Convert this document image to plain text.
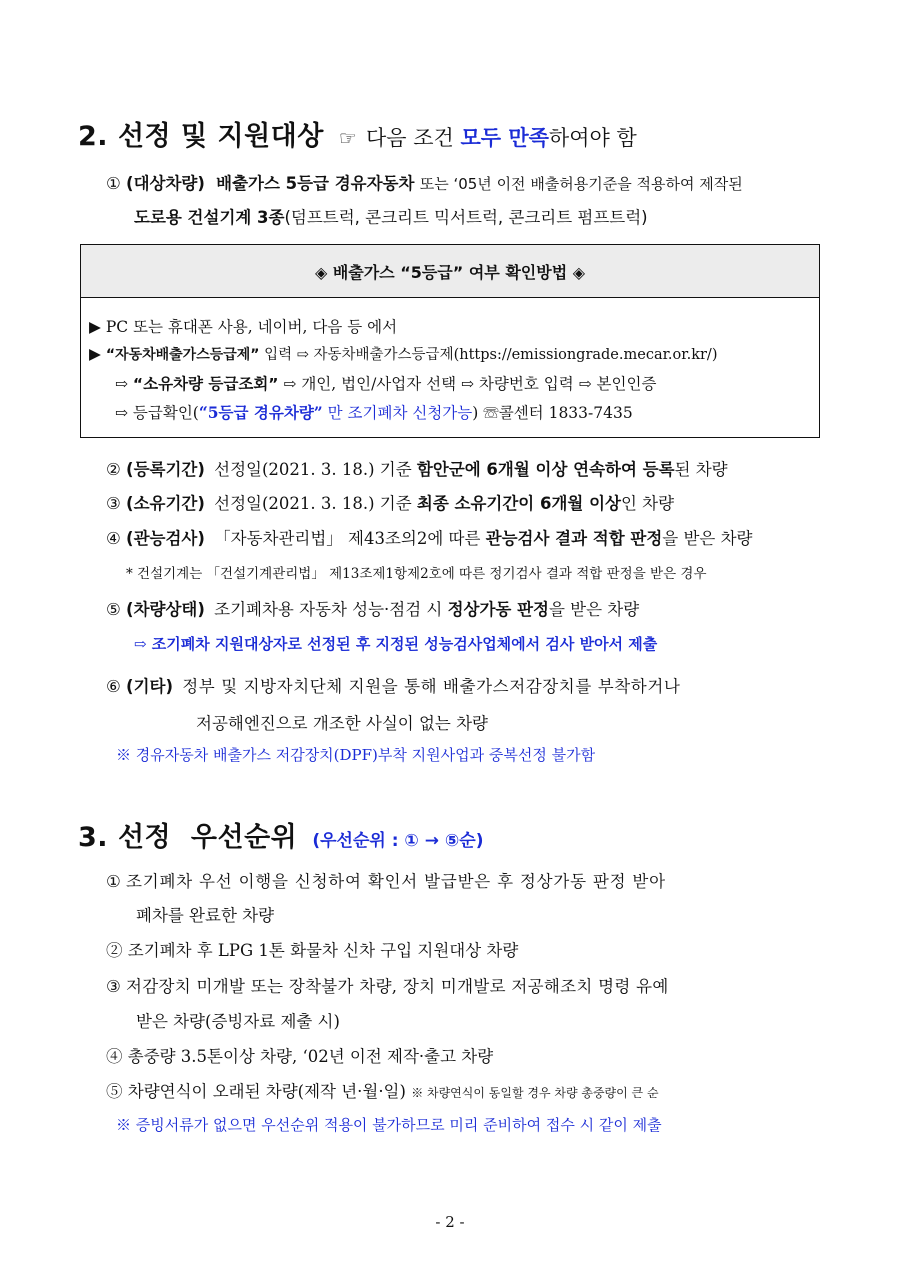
2. 선정 및 지원대상 ☞ 다음 조건 모두 만족하여야 함
① (대상차량) 배출가스 5등급 경유자동차 또는 ‘05년 이전 배출허용기준을 적용하여 제작된
도로용 건설기계 3종(덤프트럭, 콘크리트 믹서트럭, 콘크리트 펌프트럭)
◈ 배출가스 “5등급” 여부 확인방법 ◈
▶ PC 또는 휴대폰 사용, 네이버, 다음 등 에서
▶ “자동차배출가스등급제” 입력 ⇨ 자동차배출가스등급제(https://emissiongrade.mecar.or.kr/)
⇨ “소유차량 등급조회” ⇨ 개인, 법인/사업자 선택 ⇨ 차량번호 입력 ⇨ 본인인증
⇨ 등급확인(“5등급 경유차량” 만 조기폐차 신청가능) ☏콜센터 1833-7435
② (등록기간) 선정일(2021. 3. 18.) 기준 함안군에 6개월 이상 연속하여 등록된 차량
③ (소유기간) 선정일(2021. 3. 18.) 기준 최종 소유기간이 6개월 이상인 차량
④ (관능검사) 「자동차관리법」 제43조의2에 따른 관능검사 결과 적합 판정을 받은 차량
* 건설기계는 「건설기계관리법」 제13조제1항제2호에 따른 정기검사 결과 적합 판정을 받은 경우
⑤ (차량상태) 조기폐차용 자동차 성능·점검 시 정상가동 판정을 받은 차량
⇨ 조기폐차 지원대상자로 선정된 후 지정된 성능검사업체에서 검사 받아서 제출
⑥ (기타) 정부 및 지방자치단체 지원을 통해 배출가스저감장치를 부착하거나
저공해엔진으로 개조한 사실이 없는 차량
※ 경유자동차 배출가스 저감장치(DPF)부착 지원사업과 중복선정 불가함
3. 선정  우선순위 (우선순위 : ① → ⑤순)
① 조기폐차 우선 이행을 신청하여 확인서 발급받은 후 정상가동 판정 받아
폐차를 완료한 차량
② 조기폐차 후 LPG 1톤 화물차 신차 구입 지원대상 차량
③ 저감장치 미개발 또는 장착불가 차량, 장치 미개발로 저공해조치 명령 유예
받은 차량(증빙자료 제출 시)
④ 총중량 3.5톤이상 차량, ‘02년 이전 제작·출고 차량
⑤ 차량연식이 오래된 차량(제작 년·월·일) ※ 차량연식이 동일할 경우 차량 총중량이 큰 순
※ 증빙서류가 없으면 우선순위 적용이 불가하므로 미리 준비하여 접수 시 같이 제출
- 2 -
